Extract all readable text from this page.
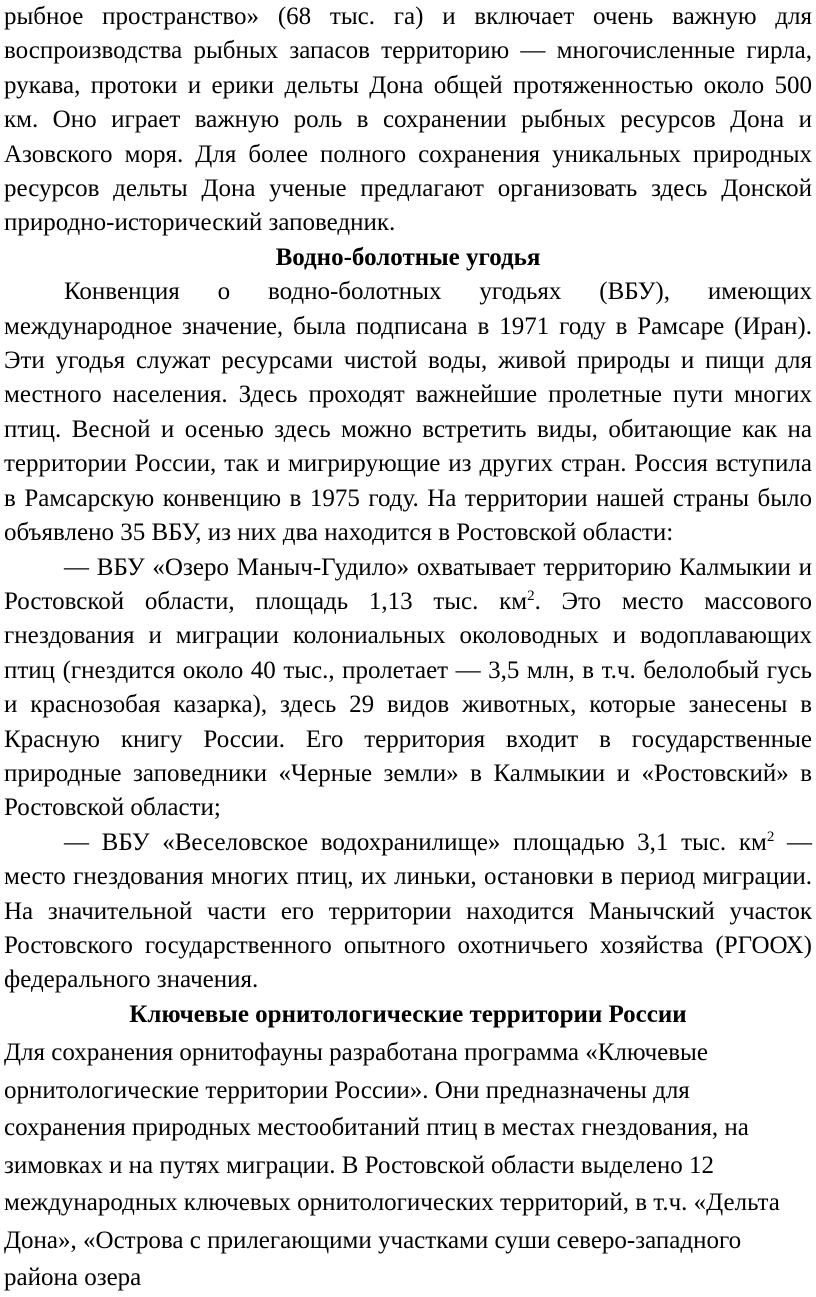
рыбное пространство» (68 тыс. га) и включает очень важную для воспроизводства рыбных запасов территорию — многочисленные гирла, рукава, протоки и ерики дельты Дона общей протяженностью около 500 км. Оно играет важную роль в сохранении рыбных ресурсов Дона и Азовского моря. Для более полного сохранения уникальных природных ресурсов дельты Дона ученые предлагают организовать здесь Донской природно-исторический заповедник.

Водно-болотные угодья

Конвенция о водно-болотных угодьях (ВБУ), имеющих международное значение, была подписана в 1971 году в Рамсаре (Иран). Эти угодья служат ресурсами чистой воды, живой природы и пищи для местного населения. Здесь проходят важнейшие пролетные пути многих птиц. Весной и осенью здесь можно встретить виды, обитающие как на территории России, так и мигрирующие из других стран. Россия вступила в Рамсарскую конвенцию в 1975 году. На территории нашей страны было объявлено 35 ВБУ, из них два находится в Ростовской области:

— ВБУ «Озеро Маныч-Гудило» охватывает территорию Калмыкии и Ростовской области, площадь 1,13 тыс. $км^2$. Это место массового гнездования и миграции колониальных околоводных и водоплавающих птиц (гнездится около 40 тыс., пролетает — 3,5 млн, в т.ч. белолобый гусь и краснозобая казарка), здесь 29 видов животных, которые занесены в Красную книгу России. Его территория входит в государственные природные заповедники «Черные земли» в Калмыкии и «Ростовский» в Ростовской области;

— ВБУ «Веселовское водохранилище» площадью 3,1 тыс. $км^2$ — место гнездования многих птиц, их линьки, остановки в период миграции. На значительной части его территории находится Манычский участок Ростовского государственного опытного охотничьего хозяйства (РГООХ) федерального значения.

Ключевые орнитологические территории России

Для сохранения орнитофауны разработана программа «Ключевые орнитологические территории России». Они предназначены для сохранения природных местообитаний птиц в местах гнездования, на зимовках и на путях миграции. В Ростовской области выделено 12 международных ключевых орнитологических территорий, в т.ч. «Дельта Дона», «Острова с прилегающими участками суши северо-западного района озера
